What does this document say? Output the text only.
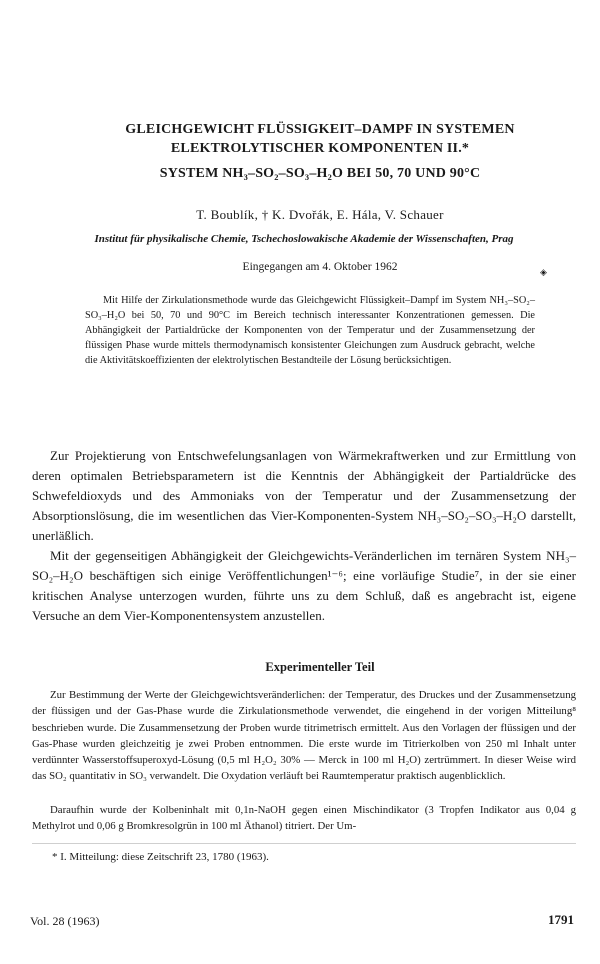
GLEICHGEWICHT FLÜSSIGKEIT–DAMPF IN SYSTEMEN
ELEKTROLYTISCHER KOMPONENTEN II.*
SYSTEM NH₃–SO₂–SO₃–H₂O BEI 50, 70 UND 90°C
T. Boublík, † K. Dvořák, E. Hála, V. Schauer
Institut für physikalische Chemie, Tschechoslowakische Akademie der Wissenschaften, Prag
Eingegangen am 4. Oktober 1962	◈
Mit Hilfe der Zirkulationsmethode wurde das Gleichgewicht Flüssigkeit–Dampf im System NH₃–SO₂–SO₃–H₂O bei 50, 70 und 90°C im Bereich technisch interessanter Konzentrationen gemessen. Die Abhängigkeit der Partialdrücke der Komponenten von der Temperatur und der Zusammensetzung der flüssigen Phase wurde mittels thermodynamisch konsistenter Gleichungen zum Ausdruck gebracht, welche die Aktivitätskoeffizienten der elektrolytischen Bestandteile der Lösung berücksichtigen.
Zur Projektierung von Entschwefelungsanlagen von Wärmekraftwerken und zur Ermittlung von deren optimalen Betriebsparametern ist die Kenntnis der Abhängigkeit der Partialdrücke des Schwefeldioxyds und des Ammoniaks von der Temperatur und der Zusammensetzung der Absorptionslösung, die im wesentlichen das Vier-Komponenten-System NH₃–SO₂–SO₃–H₂O darstellt, unerläßlich.
Mit der gegenseitigen Abhängigkeit der Gleichgewichts-Veränderlichen im ternären System NH₃–SO₂–H₂O beschäftigen sich einige Veröffentlichungen¹⁻⁶; eine vorläufige Studie⁷, in der sie einer kritischen Analyse unterzogen wurden, führte uns zu dem Schluß, daß es angebracht ist, eigene Versuche an dem Vier-Komponentensystem anzustellen.
Experimenteller Teil
Zur Bestimmung der Werte der Gleichgewichtsveränderlichen: der Temperatur, des Druckes und der Zusammensetzung der flüssigen und der Gas-Phase wurde die Zirkulationsmethode verwendet, die eingehend in der vorigen Mitteilung⁸ beschrieben wurde. Die Zusammensetzung der Proben wurde titrimetrisch ermittelt. Aus den Vorlagen der flüssigen und der Gas-Phase wurden gleichzeitig je zwei Proben entnommen. Die erste wurde im Titrierkolben von 250 ml Inhalt unter verdünnter Wasserstoffsuperoxyd-Lösung (0,5 ml H₂O₂ 30% — Merck in 100 ml H₂O) zertrümmert. In dieser Weise wird das SO₂ quantitativ in SO₃ verwandelt. Die Oxydation verläuft bei Raumtemperatur praktisch augenblicklich.
Daraufhin wurde der Kolbeninhalt mit 0,1n-NaOH gegen einen Mischindikator (3 Tropfen Indikator aus 0,04 g Methylrot und 0,06 g Bromkresolgrün in 100 ml Äthanol) titriert. Der Um-
* I. Mitteilung: diese Zeitschrift 23, 1780 (1963).
Vol. 28 (1963)	1791
